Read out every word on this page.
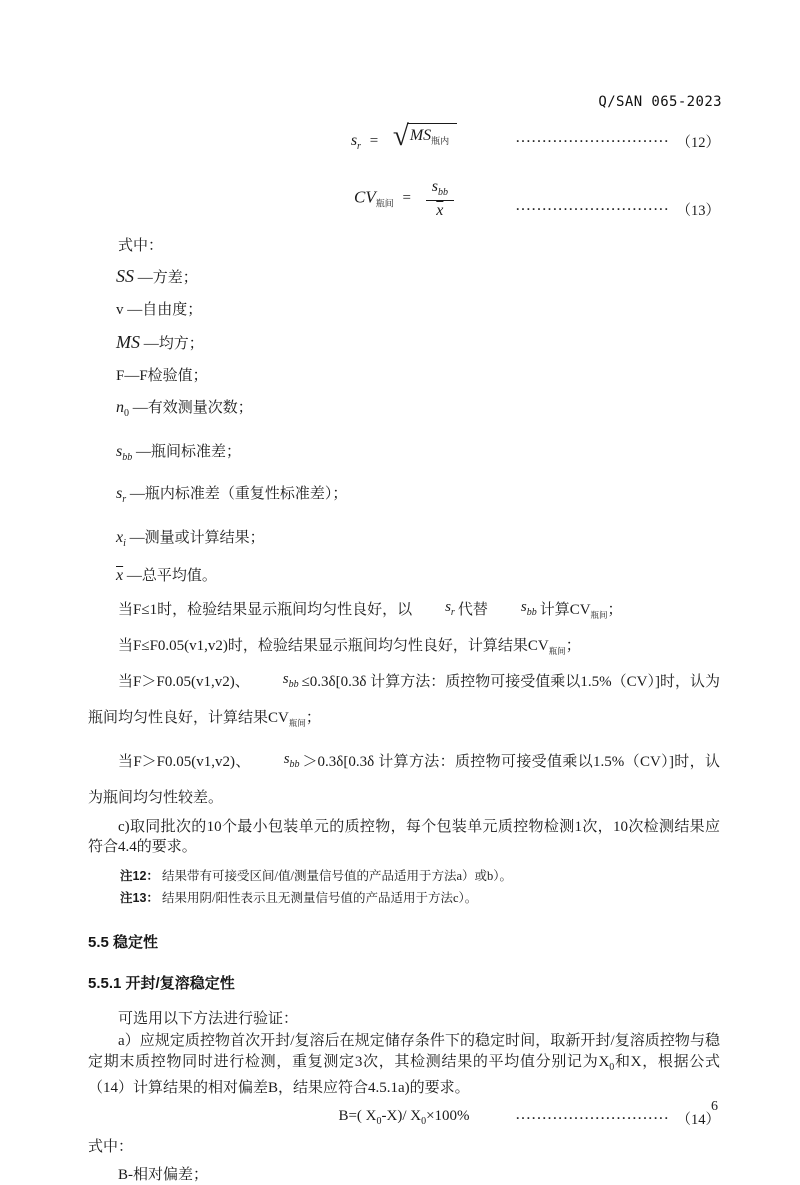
Q/SAN 065-2023
$s_r$ = √ $MS_{瓶内}$	····························· （12）
$CV_{瓶间} = \frac{s_{bb}}{x}$	····························· （13）
式中：
SS —方差；
v —自由度；
MS —均方；
F—F检验值；
$n_0$ —有效测量次数；
$s_{bb}$ —瓶间标准差；
$s_r$ —瓶内标准差（重复性标准差）；
$x_i$ —测量或计算结果；
$\overline{x}$ —总平均值。
当F≤1时，检验结果显示瓶间均匀性良好，以 $s_r$ 代替 $s_{bb}$ 计算$CV_{瓶间}$；
当F≤F0.05(v1,v2)时，检验结果显示瓶间均匀性良好，计算结果$CV_{瓶间}$；
当F＞F0.05(v1,v2)、 $s_{bb} \le 0.3\delta[0.3\delta$ 计算方法：质控物可接受值乘以1.5%（CV）]时，认为瓶间均匀性良好，计算结果$CV_{瓶间}$；
当F＞F0.05(v1,v2)、 $s_{bb} >0.3\delta[0.3\delta$ 计算方法：质控物可接受值乘以1.5%（CV）]时，认为瓶间均匀性较差。
c)取同批次的10个最小包装单元的质控物，每个包装单元质控物检测1次，10次检测结果应符合4.4的要求。
注12： 结果带有可接受区间/值/测量信号值的产品适用于方法a）或b）。
注13： 结果用阴/阳性表示且无测量信号值的产品适用于方法c）。
5.5 稳定性
5.5.1 开封/复溶稳定性
可选用以下方法进行验证：
a）应规定质控物首次开封/复溶后在规定储存条件下的稳定时间，取新开封/复溶质控物与稳定期末质控物同时进行检测，重复测定3次，其检测结果的平均值分别记为$X_0$和X，根据公式（14）计算结果的相对偏差B，结果应符合4.5.1a)的要求。
B=( $X_0-X)/$ $X_0\times 100\%$	····························· （14）
式中：
B-相对偏差；
6
